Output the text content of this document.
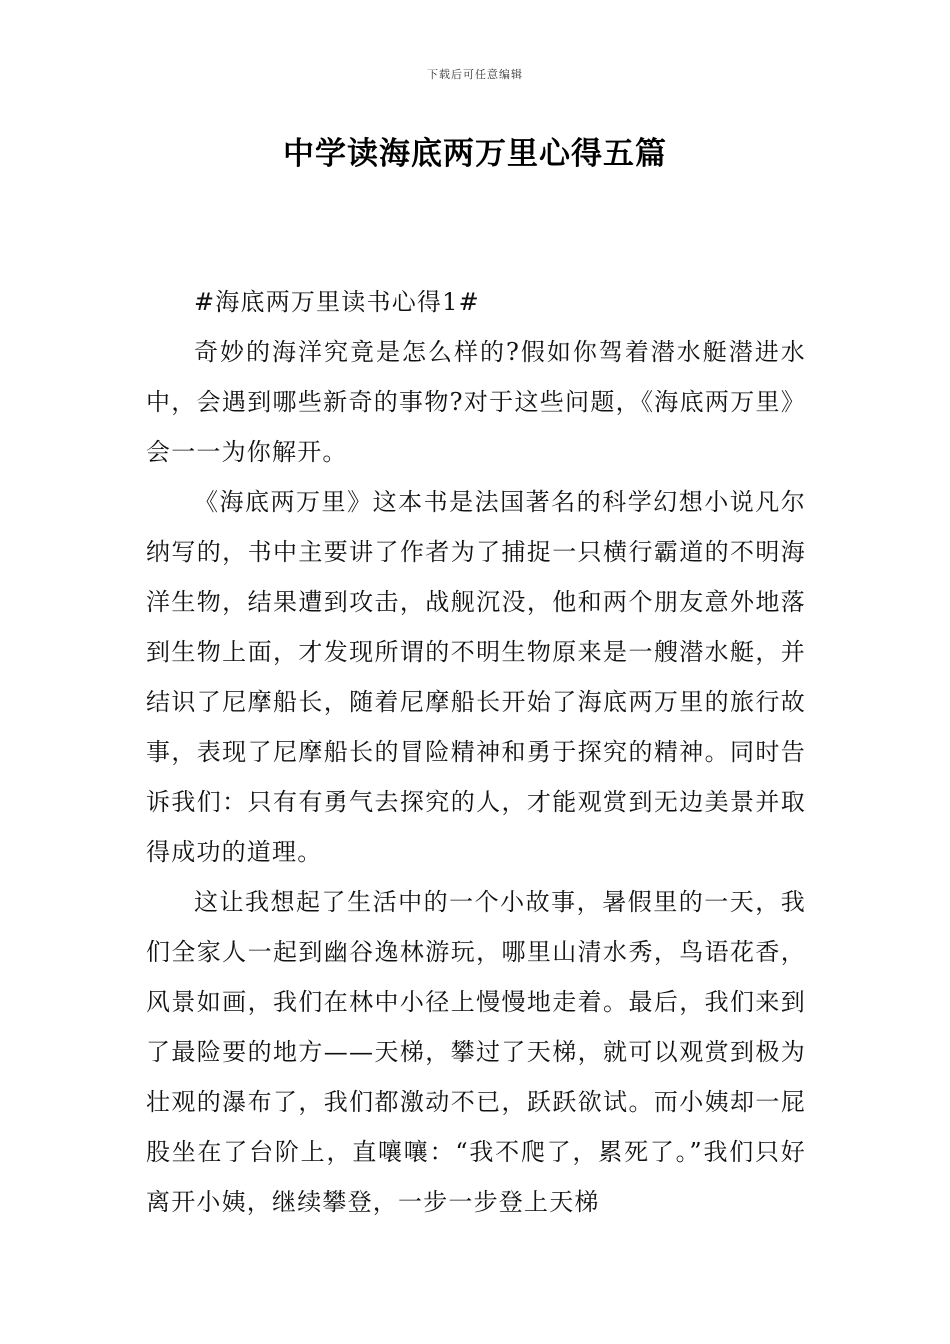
下载后可任意编辑
中学读海底两万里心得五篇

#海底两万里读书心得1#

奇妙的海洋究竟是怎么样的?假如你驾着潜水艇潜进水中，会遇到哪些新奇的事物?对于这些问题，《海底两万里》会一一为你解开。

《海底两万里》这本书是法国著名的科学幻想小说凡尔纳写的，书中主要讲了作者为了捕捉一只横行霸道的不明海洋生物，结果遭到攻击，战舰沉没，他和两个朋友意外地落到生物上面，才发现所谓的不明生物原来是一艘潜水艇，并结识了尼摩船长，随着尼摩船长开始了海底两万里的旅行故事，表现了尼摩船长的冒险精神和勇于探究的精神。同时告诉我们：只有有勇气去探究的人，才能观赏到无边美景并取得成功的道理。

这让我想起了生活中的一个小故事，暑假里的一天，我们全家人一起到幽谷逸林游玩，哪里山清水秀，鸟语花香，风景如画，我们在林中小径上慢慢地走着。最后，我们来到了最险要的地方——天梯，攀过了天梯，就可以观赏到极为壮观的瀑布了，我们都激动不已，跃跃欲试。而小姨却一屁股坐在了台阶上，直嚷嚷：“我不爬了，累死了。”我们只好离开小姨，继续攀登，一步一步登上天梯
